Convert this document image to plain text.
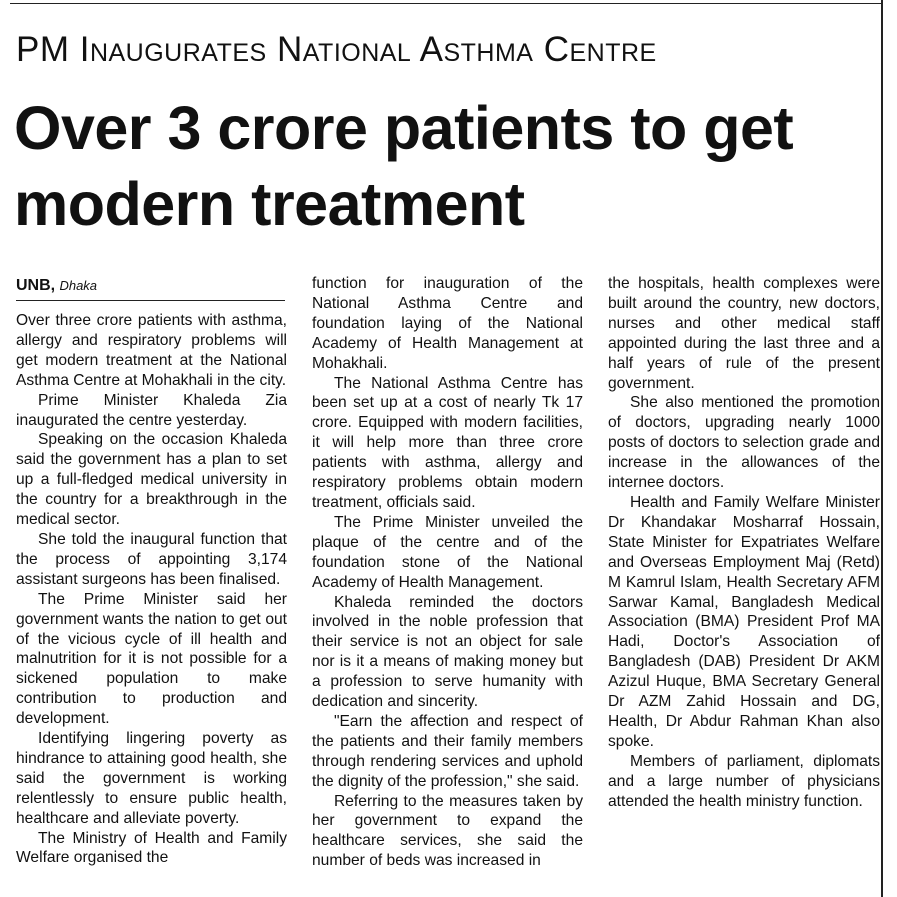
PM Inaugurates National Asthma Centre
Over 3 crore patients to get modern treatment
UNB, Dhaka

Over three crore patients with asthma, allergy and respiratory problems will get modern treatment at the National Asthma Centre at Mohakhali in the city.

Prime Minister Khaleda Zia inaugurated the centre yesterday.

Speaking on the occasion Khaleda said the government has a plan to set up a full-fledged medical university in the country for a breakthrough in the medical sector.

She told the inaugural function that the process of appointing 3,174 assistant surgeons has been finalised.

The Prime Minister said her government wants the nation to get out of the vicious cycle of ill health and malnutrition for it is not possible for a sickened population to make contribution to production and development.

Identifying lingering poverty as hindrance to attaining good health, she said the government is working relentlessly to ensure public health, healthcare and alleviate poverty.

The Ministry of Health and Family Welfare organised the

function for inauguration of the National Asthma Centre and foundation laying of the National Academy of Health Management at Mohakhali.

The National Asthma Centre has been set up at a cost of nearly Tk 17 crore. Equipped with modern facilities, it will help more than three crore patients with asthma, allergy and respiratory problems obtain modern treatment, officials said.

The Prime Minister unveiled the plaque of the centre and of the foundation stone of the National Academy of Health Management.

Khaleda reminded the doctors involved in the noble profession that their service is not an object for sale nor is it a means of making money but a profession to serve humanity with dedication and sincerity.

"Earn the affection and respect of the patients and their family members through rendering services and uphold the dignity of the profession," she said.

Referring to the measures taken by her government to expand the healthcare services, she said the number of beds was increased in

the hospitals, health complexes were built around the country, new doctors, nurses and other medical staff appointed during the last three and a half years of rule of the present government.

She also mentioned the promotion of doctors, upgrading nearly 1000 posts of doctors to selection grade and increase in the allowances of the internee doctors.

Health and Family Welfare Minister Dr Khandakar Mosharraf Hossain, State Minister for Expatriates Welfare and Overseas Employment Maj (Retd) M Kamrul Islam, Health Secretary AFM Sarwar Kamal, Bangladesh Medical Association (BMA) President Prof MA Hadi, Doctor's Association of Bangladesh (DAB) President Dr AKM Azizul Huque, BMA Secretary General Dr AZM Zahid Hossain and DG, Health, Dr Abdur Rahman Khan also spoke.

Members of parliament, diplomats and a large number of physicians attended the health ministry function.
